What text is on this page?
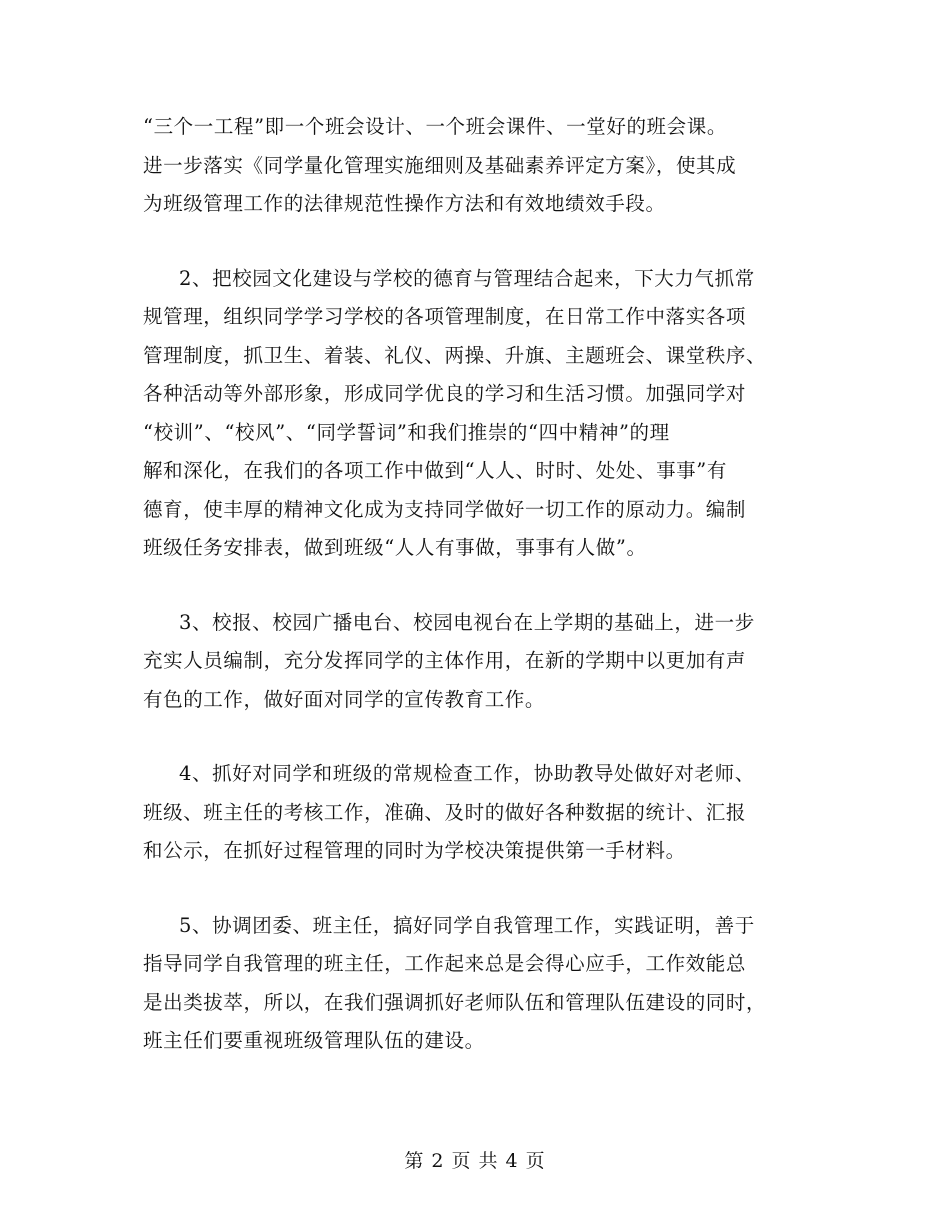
“三个一工程”即一个班会设计、一个班会课件、一堂好的班会课。
进一步落实《同学量化管理实施细则及基础素养评定方案》，使其成
为班级管理工作的法律规范性操作方法和有效地绩效手段。
2、把校园文化建设与学校的德育与管理结合起来，下大力气抓常
规管理，组织同学学习学校的各项管理制度，在日常工作中落实各项
管理制度，抓卫生、着装、礼仪、两操、升旗、主题班会、课堂秩序、
各种活动等外部形象，形成同学优良的学习和生活习惯。加强同学对
“校训”、“校风”、“同学誓词”和我们推崇的“四中精神”的理
解和深化，在我们的各项工作中做到“人人、时时、处处、事事”有
德育，使丰厚的精神文化成为支持同学做好一切工作的原动力。编制
班级任务安排表，做到班级“人人有事做，事事有人做”。
3、校报、校园广播电台、校园电视台在上学期的基础上，进一步
充实人员编制，充分发挥同学的主体作用，在新的学期中以更加有声
有色的工作，做好面对同学的宣传教育工作。
4、抓好对同学和班级的常规检查工作，协助教导处做好对老师、
班级、班主任的考核工作，准确、及时的做好各种数据的统计、汇报
和公示，在抓好过程管理的同时为学校决策提供第一手材料。
5、协调团委、班主任，搞好同学自我管理工作，实践证明，善于
指导同学自我管理的班主任，工作起来总是会得心应手，工作效能总
是出类拔萃，所以，在我们强调抓好老师队伍和管理队伍建设的同时，
班主任们要重视班级管理队伍的建设。
第 2 页 共 4 页
